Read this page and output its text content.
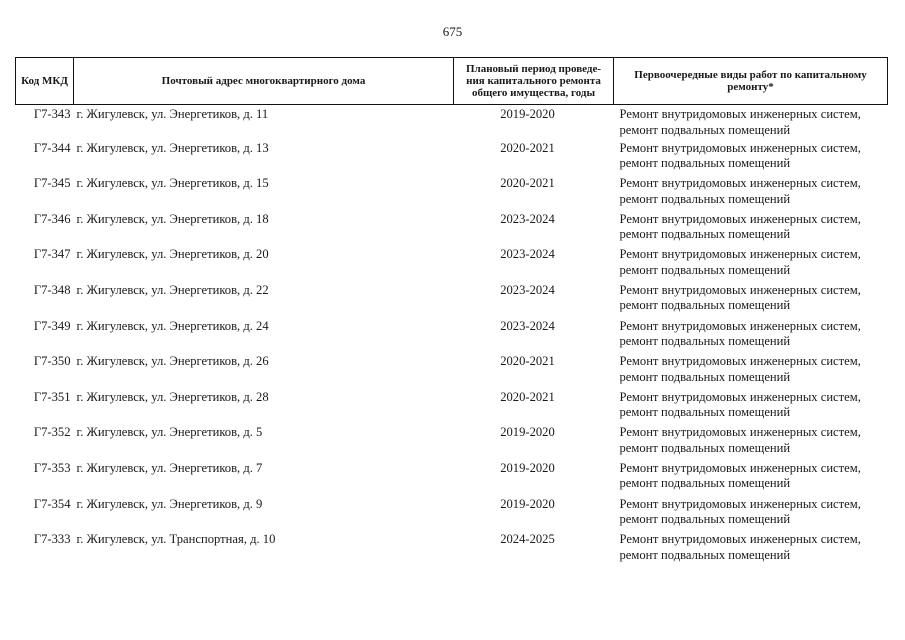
675
Код МКД	Почтовый адрес многоквартирного дома	Плановый период проведе-ния капитального ремонта общего имущества, годы	Первоочередные виды работ по капитальному ремонту*
Г7-343	г. Жигулевск, ул. Энергетиков, д. 11	2019-2020	Ремонт внутридомовых инженерных систем,
ремонт подвальных помещений

Г7-344	г. Жигулевск, ул. Энергетиков, д. 13	2020-2021	Ремонт внутридомовых инженерных систем,
ремонт подвальных помещений

Г7-345	г. Жигулевск, ул. Энергетиков, д. 15	2020-2021	Ремонт внутридомовых инженерных систем,
ремонт подвальных помещений

Г7-346	г. Жигулевск, ул. Энергетиков, д. 18	2023-2024	Ремонт внутридомовых инженерных систем,
ремонт подвальных помещений

Г7-347	г. Жигулевск, ул. Энергетиков, д. 20	2023-2024	Ремонт внутридомовых инженерных систем,
ремонт подвальных помещений

Г7-348	г. Жигулевск, ул. Энергетиков, д. 22	2023-2024	Ремонт внутридомовых инженерных систем,
ремонт подвальных помещений

Г7-349	г. Жигулевск, ул. Энергетиков, д. 24	2023-2024	Ремонт внутридомовых инженерных систем,
ремонт подвальных помещений

Г7-350	г. Жигулевск, ул. Энергетиков, д. 26	2020-2021	Ремонт внутридомовых инженерных систем,
ремонт подвальных помещений

Г7-351	г. Жигулевск, ул. Энергетиков, д. 28	2020-2021	Ремонт внутридомовых инженерных систем,
ремонт подвальных помещений

Г7-352	г. Жигулевск, ул. Энергетиков, д. 5	2019-2020	Ремонт внутридомовых инженерных систем,
ремонт подвальных помещений

Г7-353	г. Жигулевск, ул. Энергетиков, д. 7	2019-2020	Ремонт внутридомовых инженерных систем,
ремонт подвальных помещений

Г7-354	г. Жигулевск, ул. Энергетиков, д. 9	2019-2020	Ремонт внутридомовых инженерных систем,
ремонт подвальных помещений

Г7-333	г. Жигулевск, ул. Транспортная, д. 10	2024-2025	Ремонт внутридомовых инженерных систем,
ремонт подвальных помещений
